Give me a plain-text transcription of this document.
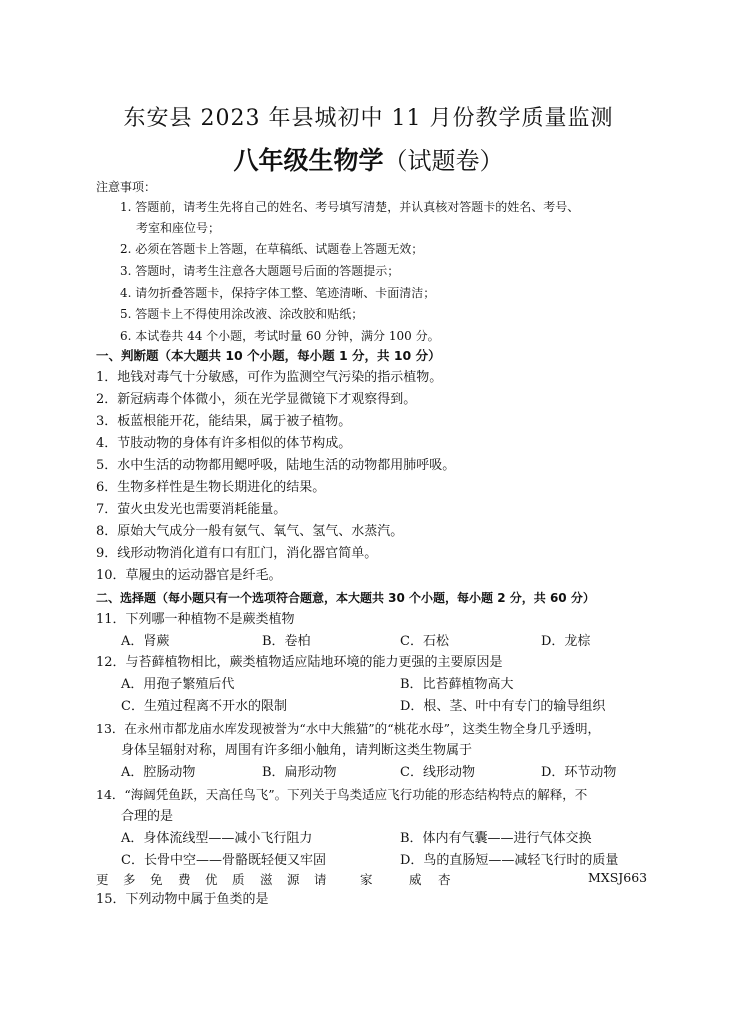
东安县 2023 年县城初中 11 月份教学质量监测
八年级生物学（试题卷）
注意事项：
1. 答题前，请考生先将自己的姓名、考号填写清楚，并认真核对答题卡的姓名、考号、
考室和座位号；
2. 必须在答题卡上答题，在草稿纸、试题卷上答题无效；
3. 答题时，请考生注意各大题题号后面的答题提示；
4. 请勿折叠答题卡，保持字体工整、笔迹清晰、卡面清洁；
5. 答题卡上不得使用涂改液、涂改胶和贴纸；
6. 本试卷共 44 个小题，考试时量 60 分钟，满分 100 分。
一、判断题（本大题共 10 个小题，每小题 1 分，共 10 分）
1．地钱对毒气十分敏感，可作为监测空气污染的指示植物。
2．新冠病毒个体微小，须在光学显微镜下才观察得到。
3．板蓝根能开花，能结果，属于被子植物。
4．节肢动物的身体有许多相似的体节构成。
5．水中生活的动物都用鳃呼吸，陆地生活的动物都用肺呼吸。
6．生物多样性是生物长期进化的结果。
7．萤火虫发光也需要消耗能量。
8．原始大气成分一般有氨气、氧气、氢气、水蒸汽。
9．线形动物消化道有口有肛门，消化器官简单。
10．草履虫的运动器官是纤毛。
二、选择题（每小题只有一个选项符合题意，本大题共 30 个小题，每小题 2 分，共 60 分）
11．下列哪一种植物不是蕨类植物
A．肾蕨	B．卷柏	C．石松	D．龙棕
12．与苔藓植物相比，蕨类植物适应陆地环境的能力更强的主要原因是
A．用孢子繁殖后代	B．比苔藓植物高大
C．生殖过程离不开水的限制	D．根、茎、叶中有专门的输导组织
13．在永州市都龙庙水库发现被誉为“水中大熊猫”的“桃花水母”，这类生物全身几乎透明，
身体呈辐射对称，周围有许多细小触角，请判断这类生物属于
A．腔肠动物	B．扁形动物	C．线形动物	D．环节动物
14．“海阔凭鱼跃，天高任鸟飞”。下列关于鸟类适应飞行功能的形态结构特点的解释，不
合理的是
A．身体流线型——减小飞行阻力	B．体内有气囊——进行气体交换
C．长骨中空——骨骼既轻便又牢固	D．鸟的直肠短——减轻飞行时的质量
更 多 免 费 优 质 滋 源 请	家	威 杏	MXSJ663
15．下列动物中属于鱼类的是
